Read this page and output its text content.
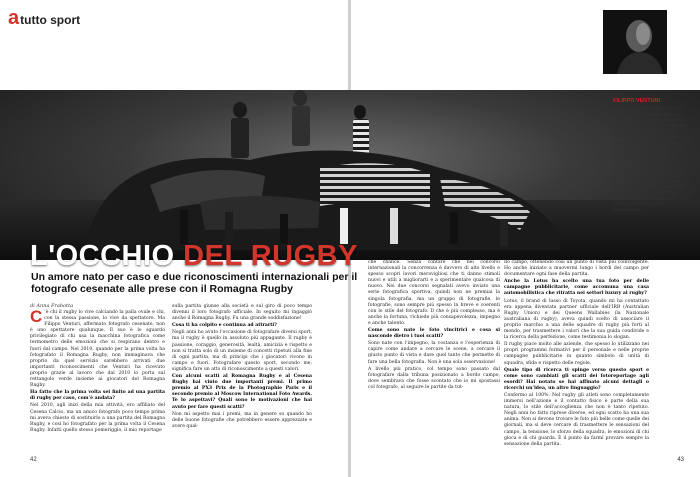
a tutto sport
42	43
L'OCCHIO DEL RUGBY
Un amore nato per caso e due riconoscimenti internazionali per il fotografo cesenate alle prese con il Romagna Rugby
di Anna Frabotta

C ’è chi il rugby lo vive calciando la palla ovale e chi, con la stessa passione, lo vive da spettatore. Ma Filippo Venturi, affermato fotografo cesenate, non è uno spettatore qualunque. Il suo è lo sguardo privilegiato di chi usa la macchina fotografica come termometro delle emozioni che si respirano dentro e fuori dal campo. Nel 2010, quando per la prima volta ha fotografato il Romagna Rugby, non immaginava che proprio da quel servizio sarebbero arrivati due importanti riconoscimenti che Venturi ha ricevuto proprio grazie al lavoro che dal 2010 lo porta sul rettangolo verde insieme ai giocatori del Romagna Rugby.

Ha fatto che la prima volta sei finito ad una partita di rugby per caso, com’è andata?

Nel 2010, agli inizi della mia attività, ero affiliato del Cesena Calcio, ma un amico fotografo poco tempo prima mi aveva chiesto di sostituirlo a una partita del Romagna Rugby, e così ho fotografato per la prima volta il Cesena Rugby. Infatti quello stesso pomeriggio, il mio reportage

sulla partita giunse alla società e sul giro di poco tempo divenni il loro fotografo ufficiale. In seguito mi ingaggiò anche il Romagna Rugby. Fu una grande soddisfazione!

Cosa ti ha colpito e continua ad attrarti?

Negli anni ho avuto l’occasione di fotografare diversi sport, ma il rugby è quello in assoluto più appagante. Il rugby è passione, coraggio, generosità, lealtà, amicizia e rispetto e non si tratta solo di un insieme di concetti ripetuti alla fine di ogni partita, ma di principi che i giocatori vivono in campo e fuori. Fotografare questo sport, secondo me, significa fare un atto di riconoscimento a questi valori.

Con alcuni scatti al Romagna Rugby e al Cesena Rugby hai vinto due importanti premi. Il primo premio al PX3 Prix de la Photographie Paris e il secondo premio al Moscow International Foto Awards. Te lo aspettavi? Quali sono le motivazioni che hai avuto per fare questi scatti?

Non mi aspetto mai i premi, ma in genere so quando ho delle buone fotografie che potrebbero essere apprezzate e avere qual-

che chance. Senza contare che nei concorsi internazionali la concorrenza è davvero di alto livello e spesso scopri lavori meravigliosi che ti danno stimoli nuovi e utili a migliorarti e a sperimentare qualcosa di nuovo. Nei due concorsi segnalati avevo inviato una serie fotografica sportiva, quindi non ne premiai la singola fotografia, ma un gruppo di fotografie, le fotografie, sono sempre più spesso in breve e coerenti con lo stile del fotografo. Il che è più complesso, ma è anche la fortuna, richiede più consapevolezza, impegno e anche talento.

Come sono nate le foto vincitrici e cosa si nasconde dietro i tuoi scatti?

Sono nate con l’impegno, la costanza e l’esperienza di capire come andare a cercare le scene, a cercare il giusto punto di vista e dare quel tanto che permette di fare una bella fotografia. Non è una sola osservazione!

A livello più pratico, col tempo sono passato dal fotografare dalla tribuna posizionato a bordo campo, dove sembrava che fosse scontato che io mi spostassi col fotografo, al seguire le partite da tut-

do campo, ottenendo così un punto di vista più coinvolgente. Ho anche iniziato a muovermi lungo i bordi del campo per documentare ogni fase della partita.

Anche la Lotus ha scelto una tua foto per delle campagne pubblicitarie, come accomuna una casa automobilistica che ritratta nei settori luxury al rugby?

Lotus, il brand di lusso di Toyota, quando mi ha contattato era appena diventata partner ufficiale dell’IRB (Australian Rugby Union) e dei Queens Wallabies (la Nazionale australiana di rugby), aveva quindi scelto di associare il proprio marchio a una delle squadre di rugby più forti al mondo, per trasmettere i valori che la sua guida condivide e la ricerca della perfezione, come testimonia lo slogan.

Il rugby piace molto alle aziende, che spesso lo utilizzano nei propri programmi formativi per il personale e nelle proprie campagne pubblicitarie in quanto simbolo di unità di squadra, sfida e rispetto delle regole.

Quale tipo di ricerca ti spinge verso questo sport e come sono cambiati gli scatti dei fotoreportage agli esordi? Hai notato se hai affinato alcuni dettagli o ricerchi un’idea, un altro linguaggio?

Confermo al 100%. Nel rugby gli atleti sono completamente immersi nell’azione e il contatto fisico è parte della sua natura, lo stile dell’accoglienza che non è tanto ripetuto. Negli anni ho fatto riprese diverse, ed ogni scatto ha una sua anima. Non si devono trovare le foto più belle come quelle dei giornali, ma si deve cercare di trasmettere le sensazioni del campo, la tensione, lo sforzo della squadra, le emozioni di chi gioca e di chi guarda. È il punto da farmi provare sempre la sensazione della partita.

FILIPPO VENTURI
Cesenate, (classe 1980), è uno dei più promettenti fotografi italiani. Si occupa di reportage, documentari e lavori commerciali oltre che di progetti personali su questioni che ritiene interessanti approfondire e portare all’attenzione degli altri. I suoi lavori sono stati pubblicati su riviste e quotidiani, come The Washington Post, Die Zeit, Internazionale, La Stampa, Geo, Marie Claire, Vanity Fair, Io Donna/Corriere della Sera. Il suo ultimo progetto, Made in Korea, ha vinto il secondo premio al Sony World Photography Awards, uno dei più importanti riconoscimenti nel settore che ogni anno premia le eccellenze della fotografia internazionale.
